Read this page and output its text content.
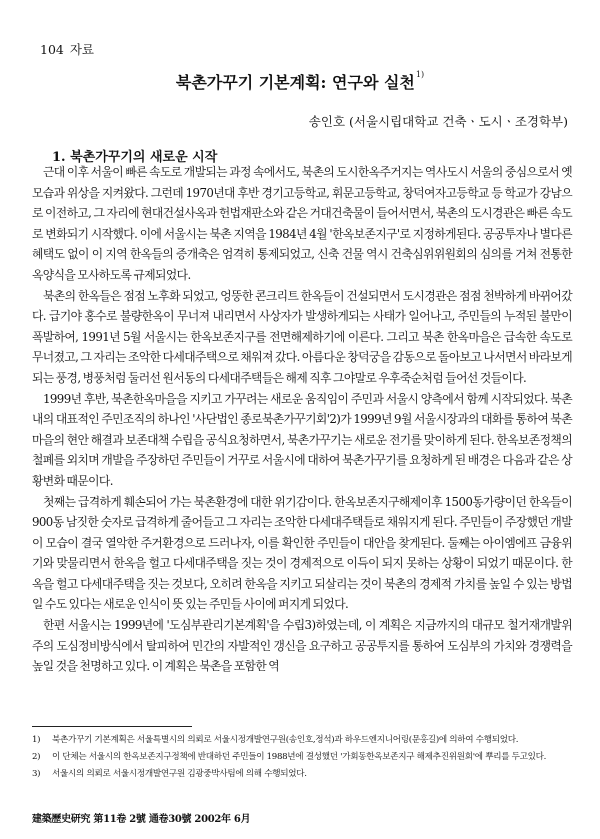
104 자료
북촌가꾸기 기본계획: 연구와 실천$^{1)}$
송인호 (서울시립대학교 건축ㆍ도시ㆍ조경학부)
1. 북촌가꾸기의 새로운 시작

근대 이후 서울이 빠른 속도로 개발되는 과정 속에서도, 북촌의 도시한옥주거지는 역사도시 서울의 중심으로서 옛 모습과 위상을 지켜왔다. 그런데 1970년대 후반 경기고등학교, 휘문고등학교, 창덕여자고등학교 등 학교가 강남으로 이전하고, 그 자리에 현대건설사옥과 헌법재판소와 같은 거대건축물이 들어서면서, 북촌의 도시경관은 빠른 속도로 변화되기 시작했다. 이에 서울시는 북촌 지역을 1984년 4월 '한옥보존지구'로 지정하게된다. 공공투자나 별다른 혜택도 없이 이 지역 한옥들의 증개축은 엄격히 통제되었고, 신축 건물 역시 건축심위위원회의 심의를 거쳐 전통한옥양식을 모사하도록 규제되었다.

북촌의 한옥들은 점점 노후화 되었고, 엉뚱한 콘크리트 한옥들이 건설되면서 도시경관은 점점 천박하게 바뀌어갔다. 급기야 홍수로 불량한옥이 무너져 내리면서 사상자가 발생하게되는 사태가 일어나고, 주민들의 누적된 불만이 폭발하여, 1991년 5월 서울시는 한옥보존지구를 전면해제하기에 이른다. 그리고 북촌 한옥마을은 급속한 속도로 무너졌고, 그 자리는 조악한 다세대주택으로 채워져 갔다. 아름다운 창덕궁을 감동으로 돌아보고 나서면서 바라보게 되는 풍경, 병풍처럼 둘러선 원서동의 다세대주택들은 해제 직후 그야말로 우후죽순처럼 들어선 것들이다.

1999년 후반, 북촌한옥마을을 지키고 가꾸려는 새로운 움직임이 주민과 서울시 양측에서 함께 시작되었다. 북촌 내의 대표적인 주민조직의 하나인 '사단법인 종로북촌가꾸기회'2)가 1999년 9월 서울시장과의 대화를 통하여 북촌마을의 현안 해결과 보존대책 수립을 공식요청하면서, 북촌가꾸기는 새로운 전기를 맞이하게 된다. 한옥보존정책의 철폐를 외치며 개발을 주장하던 주민들이 거꾸로 서울시에 대하여 북촌가꾸기를 요청하게 된 배경은 다음과 같은 상황변화 때문이다.

첫째는 급격하게 훼손되어 가는 북촌환경에 대한 위기감이다. 한옥보존지구해제이후 1500동가량이던 한옥들이 900동 남짓한 숫자로 급격하게 줄어들고 그 자리는 조악한 다세대주택들로 채워지게 된다. 주민들이 주장했던 개발이 모습이 결국 열악한 주거환경으로 드러나자, 이를 확인한 주민들이 대안을 찾게된다. 둘째는 아이엠에프 금융위기와 맞물리면서 한옥을 헐고 다세대주택을 짓는 것이 경제적으로 이득이 되지 못하는 상황이 되었기 때문이다. 한옥을 헐고 다세대주택을 짓는 것보다, 오히려 한옥을 지키고 되살리는 것이 북촌의 경제적 가치를 높일 수 있는 방법일 수도 있다는 새로운 인식이 뜻 있는 주민들 사이에 퍼지게 되었다.

한편 서울시는 1999년에 '도심부관리기본계획'을 수립3)하였는데, 이 계획은 지금까지의 대규모 철거재개발위주의 도심정비방식에서 탈피하여 민간의 자발적인 갱신을 요구하고 공공투지를 통하여 도심부의 가치와 경쟁력을 높일 것을 천명하고 있다. 이 계획은 북촌을 포함한 역

1) 북촌가꾸기 기본계획은 서울특별시의 의뢰로 서울시정개발연구원(송인호,정석)과 하우드엔지니어링(문홍길)에 의하여 수행되었다.
2) 이 단체는 서울시의 한옥보존지구정책에 반대하던 주민들이 1988년에 결성했던 '가회동한옥보존지구 해제추진위원회'에 뿌리를 두고있다.
3) 서울시의 의뢰로 서울시정개발연구원 김광중박사팀에 의해 수행되었다.
建築歷史研究 第11卷 2號 通卷30號 2002年 6月
